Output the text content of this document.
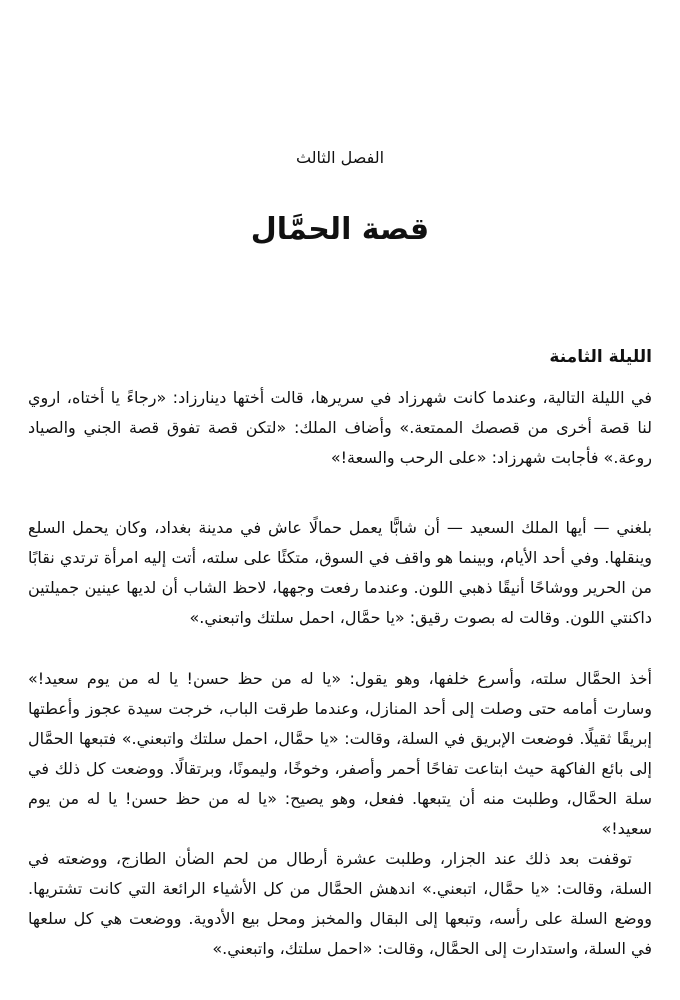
الفصل الثالث
قصة الحمَّال
الليلة الثامنة

في الليلة التالية، وعندما كانت شهرزاد في سريرها، قالت أختها دينارزاد: «رجاءً يا أختاه، اروي لنا قصة أخرى من قصصك الممتعة.» وأضاف الملك: «لتكن قصة تفوق قصة الجني والصياد روعة.» فأجابت شهرزاد: «على الرحب والسعة!»

بلغني — أيها الملك السعيد — أن شابًّا يعمل حمالًا عاش في مدينة بغداد، وكان يحمل السلع وينقلها. وفي أحد الأيام، وبينما هو واقف في السوق، متكئًا على سلته، أتت إليه امرأة ترتدي نقابًا من الحرير ووشاحًا أنيقًا ذهبي اللون. وعندما رفعت وجهها، لاحظ الشاب أن لديها عينين جميلتين داكنتي اللون. وقالت له بصوت رقيق: «يا حمَّال، احمل سلتك واتبعني.»

أخذ الحمَّال سلته، وأسرع خلفها، وهو يقول: «يا له من حظ حسن! يا له من يوم سعيد!» وسارت أمامه حتى وصلت إلى أحد المنازل، وعندما طرقت الباب، خرجت سيدة عجوز وأعطتها إبريقًا ثقيلًا. فوضعت الإبريق في السلة، وقالت: «يا حمَّال، احمل سلتك واتبعني.» فتبعها الحمَّال إلى بائع الفاكهة حيث ابتاعت تفاحًا أحمر وأصفر، وخوخًا، وليمونًا، وبرتقالًا. ووضعت كل ذلك في سلة الحمَّال، وطلبت منه أن يتبعها. ففعل، وهو يصيح: «يا له من حظ حسن! يا له من يوم سعيد!»

توقفت بعد ذلك عند الجزار، وطلبت عشرة أرطال من لحم الضأن الطازج، ووضعته في السلة، وقالت: «يا حمَّال، اتبعني.» اندهش الحمَّال من كل الأشياء الرائعة التي كانت تشتريها. ووضع السلة على رأسه، وتبعها إلى البقال والمخبز ومحل بيع الأدوية. ووضعت هي كل سلعها في السلة، واستدارت إلى الحمَّال، وقالت: «احمل سلتك، واتبعني.»
